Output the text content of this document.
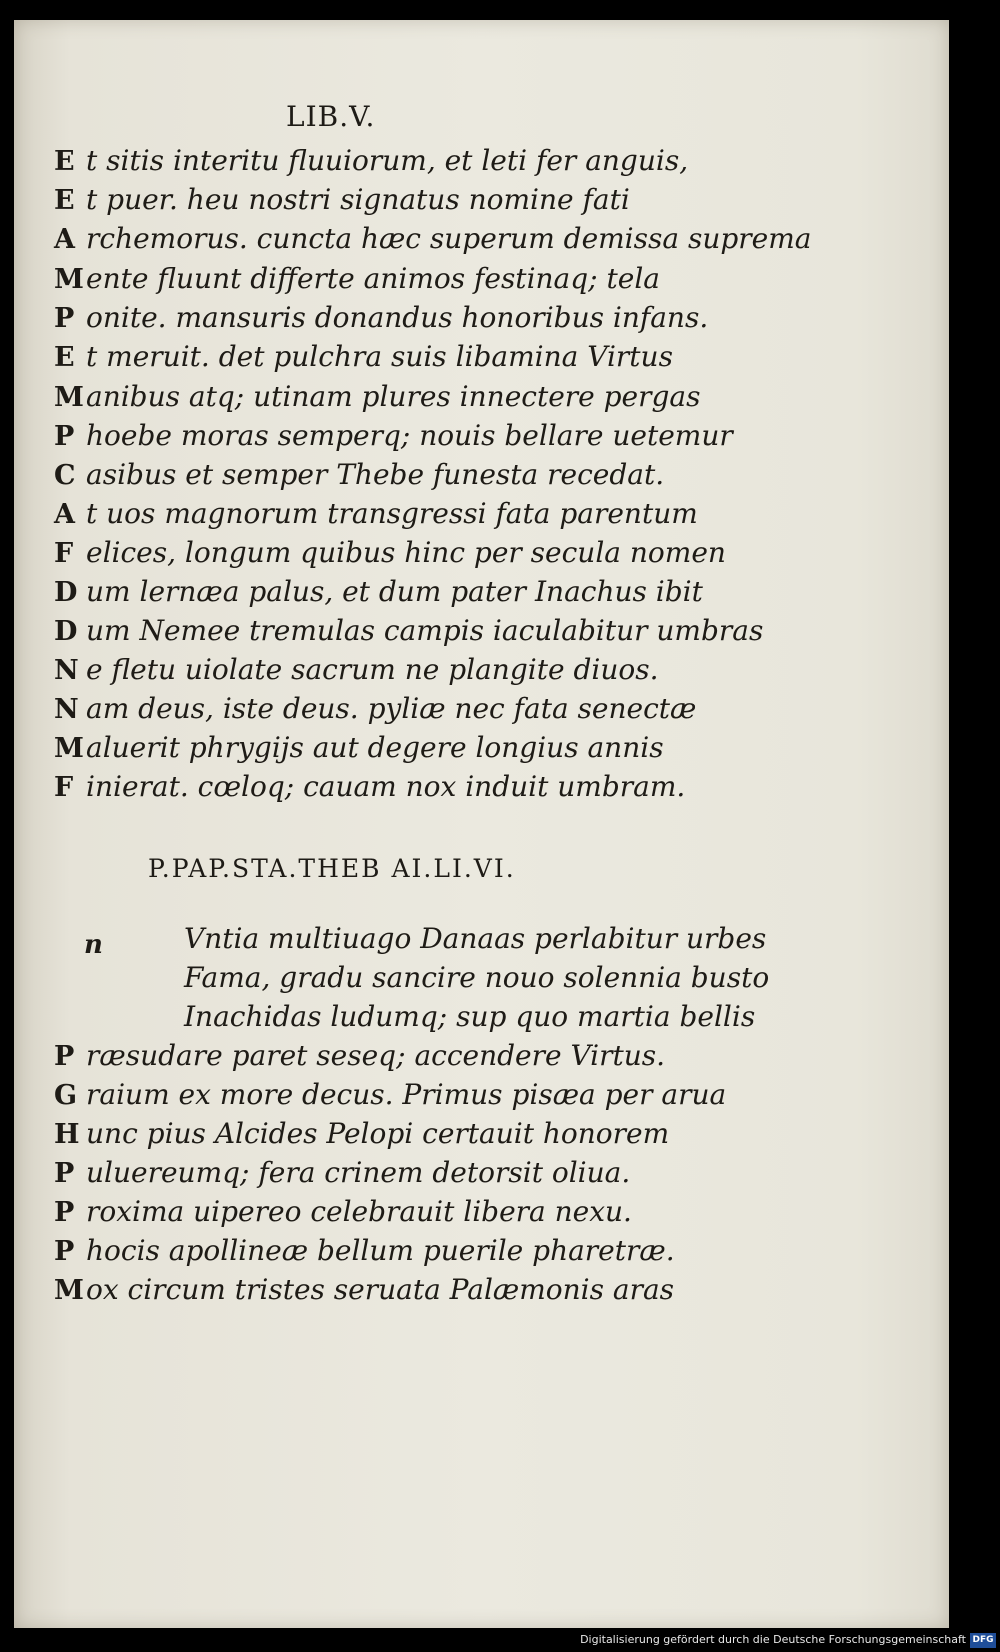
LIB.V.
E t sitis interitu fluuiorum, et leti fer anguis,
E t puer. heu nostri signatus nomine fati
A rchemorus. cuncta hæc superum demissa suprema
M ente fluunt differte animos festinaq; tela
P onite. mansuris donandus honoribus infans.
E t meruit. det pulchra suis libamina Virtus
M anibus atq; utinam plures innectere pergas
P hoebe moras semperq; nouis bellare uetemur
C asibus et semper Thebe funesta recedat.
A t uos magnorum transgressi fata parentum
F elices, longum quibus hinc per secula nomen
D um lernæa palus, et dum pater Inachus ibit
D um Nemee tremulas campis iaculabitur umbras
N e fletu uiolate sacrum ne plangite diuos.
N am deus, iste deus. pyliæ nec fata senectæ
M aluerit phrygijs aut degere longius annis
F inierat. cœloq; cauam nox induit umbram.
P.PAP.STA.THEB AI.LI.VI.
n	Vntia multiuago Danaas perlabitur urbes
Fama, gradu sancire nouo solennia busto
Inachidas ludumq; sup quo martia bellis
P ræsudare paret seseq; accendere Virtus.
G raium ex more decus. Primus pisæa per arua
H unc pius Alcides Pelopi certauit honorem
P uluereumq; fera crinem detorsit oliua.
P roxima uipereo celebrauit libera nexu.
P hocis apollineæ bellum puerile pharetræ.
M ox circum tristes seruata Palæmonis aras
Digitalisierung gefördert durch die Deutsche Forschungsgemeinschaft DFG
